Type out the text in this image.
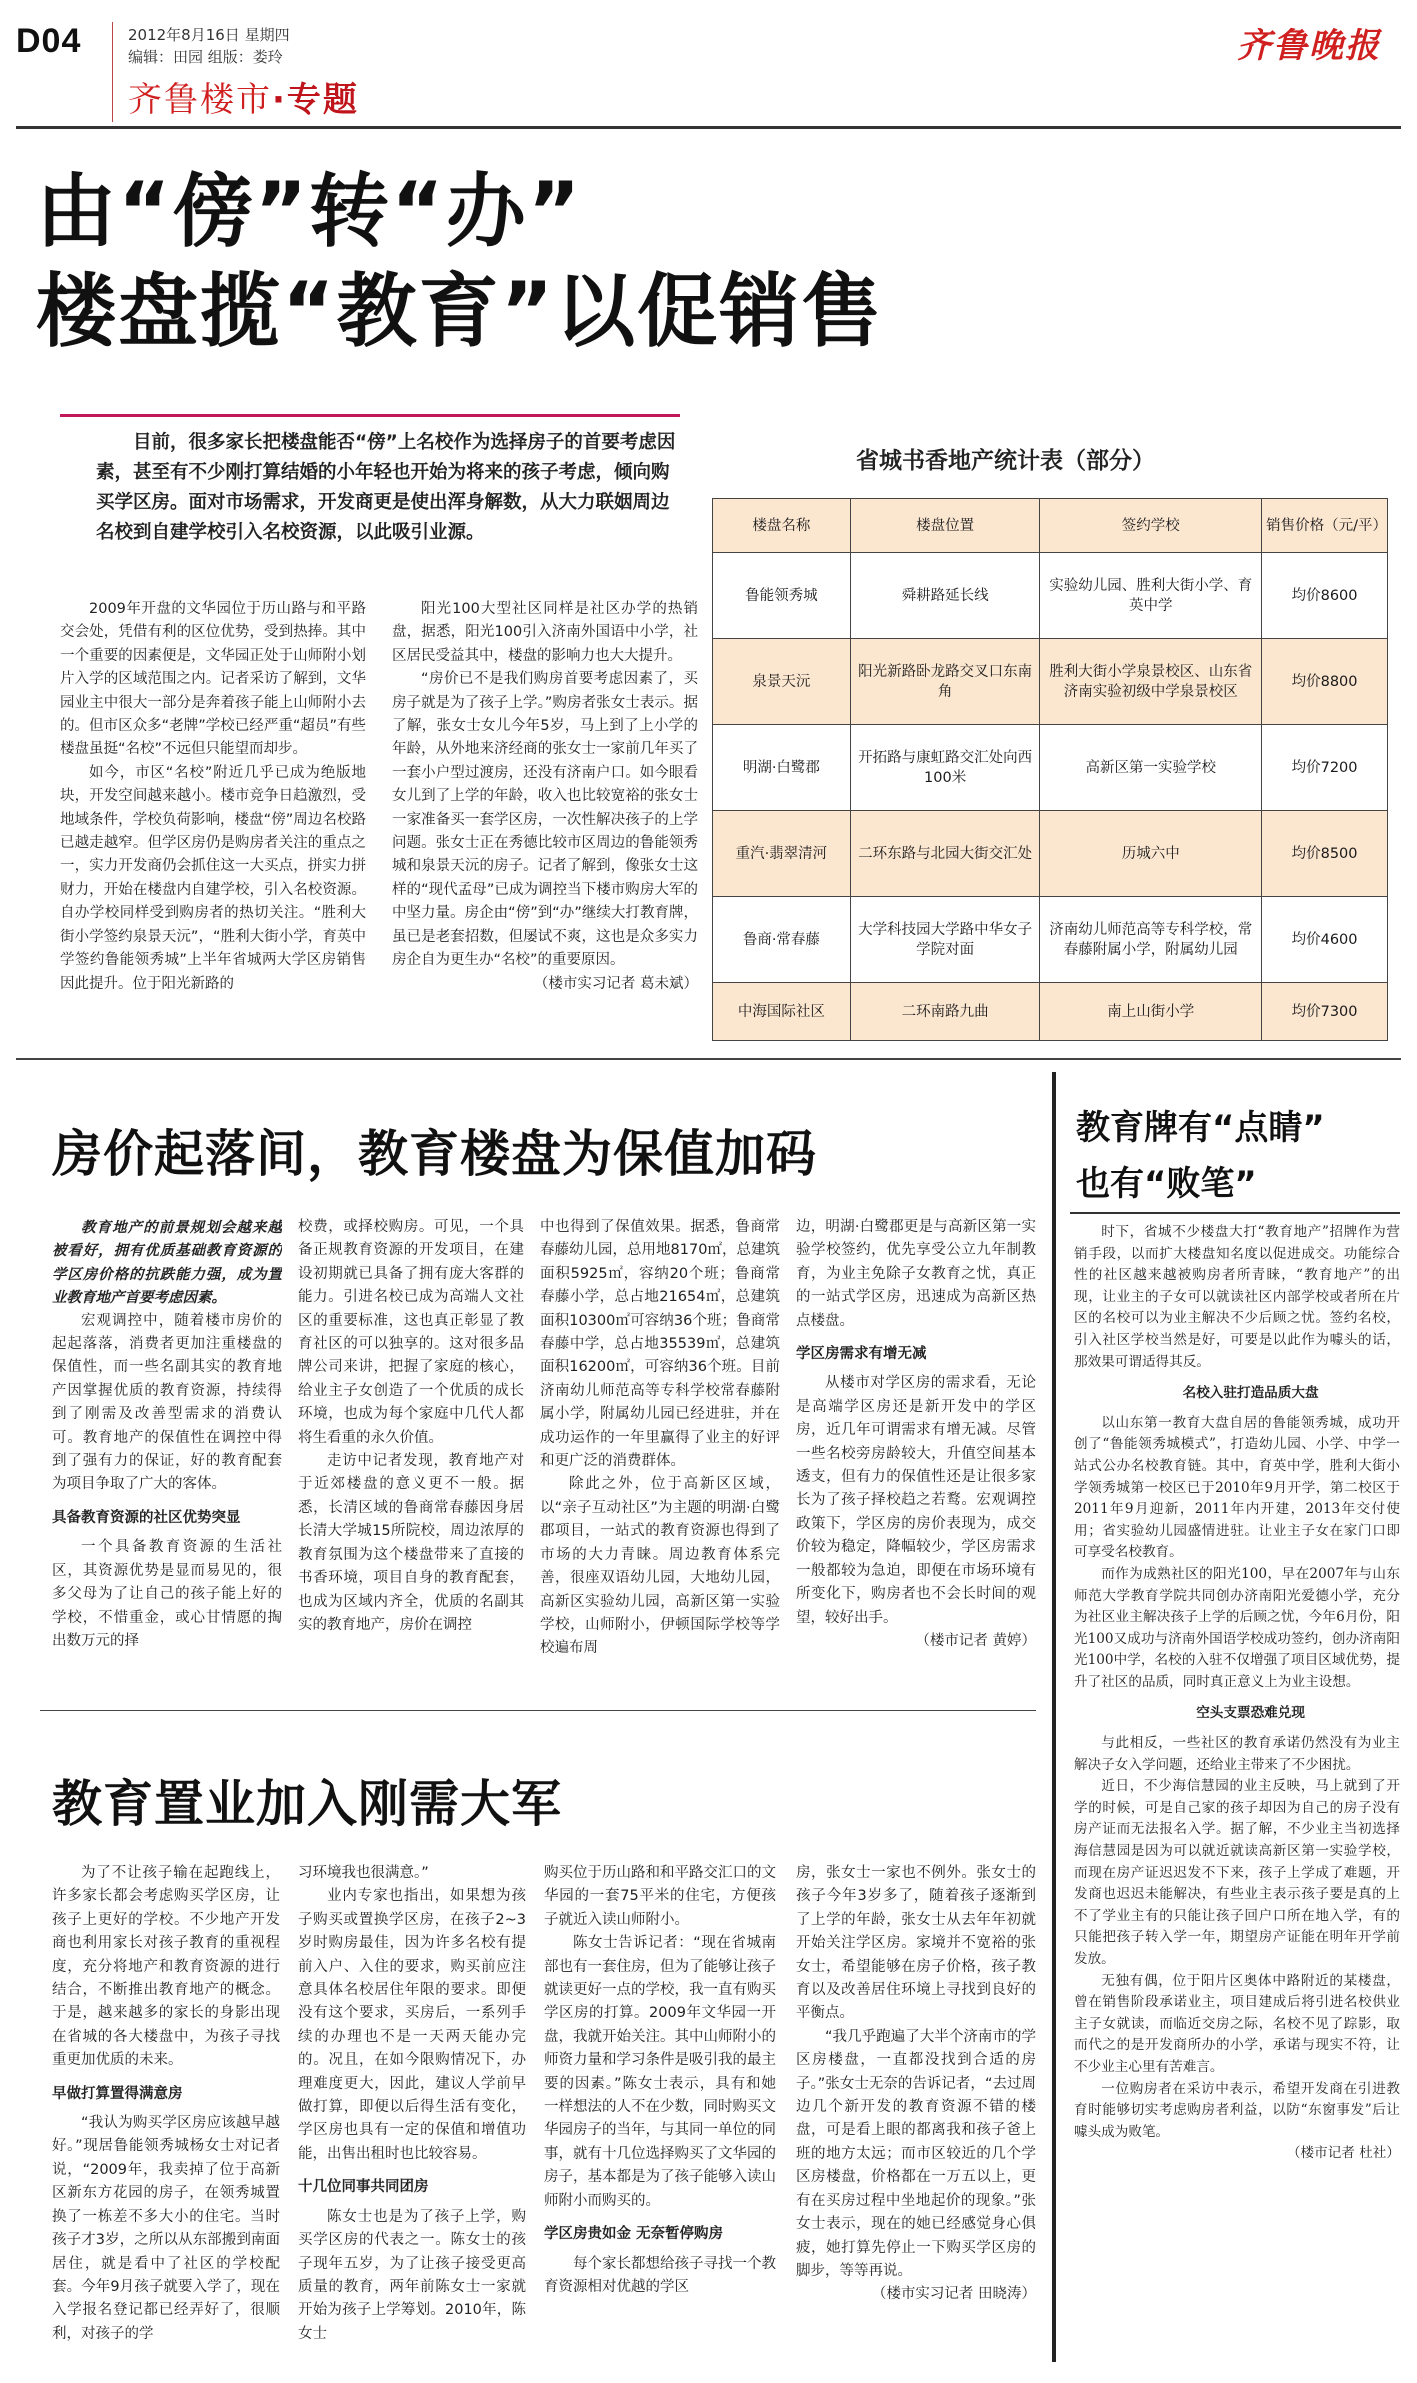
D04	2012年8月16日 星期四
编辑：田园 组版：娄玲
齐鲁楼市·专题
齐鲁晚报
由“傍”转“办”
楼盘揽“教育”以促销售

目前，很多家长把楼盘能否“傍”上名校作为选择房子的首要考虑因素，甚至有不少刚打算结婚的小年轻也开始为将来的孩子考虑，倾向购买学区房。面对市场需求，开发商更是使出浑身解数，从大力联姻周边名校到自建学校引入名校资源，以此吸引业源。

省城书香地产统计表（部分）
楼盘名称	楼盘位置	签约学校	销售价格（元/平）
鲁能领秀城	舜耕路延长线	实验幼儿园、胜利大街小学、育英中学	均价8600
泉景天沅	阳光新路卧龙路交叉口东南角	胜利大街小学泉景校区、山东省济南实验初级中学泉景校区	均价8800
明湖·白鹭郡	开拓路与康虹路交汇处向西100米	高新区第一实验学校	均价7200
重汽·翡翠清河	二环东路与北园大街交汇处	历城六中	均价8500
鲁商·常春藤	大学科技园大学路中华女子学院对面	济南幼儿师范高等专科学校，常春藤附属小学，附属幼儿园	均价4600
中海国际社区	二环南路九曲	南上山街小学	均价7300

2009年开盘的文华园位于历山路与和平路交会处，凭借有利的区位优势，受到热捧。其中一个重要的因素便是，文华园正处于山师附小划片入学的区域范围之内。记者采访了解到，文华园业主中很大一部分是奔着孩子能上山师附小去的。但市区众多“老牌”学校已经严重“超员”有些楼盘虽挺“名校”不远但只能望而却步。

如今，市区“名校”附近几乎已成为绝版地块，开发空间越来越小。楼市竞争日趋激烈，受地域条件，学校负荷影响，楼盘“傍”周边名校路已越走越窄。但学区房仍是购房者关注的重点之一，实力开发商仍会抓住这一大买点，拼实力拼财力，开始在楼盘内自建学校，引入名校资源。自办学校同样受到购房者的热切关注。“胜利大街小学签约泉景天沅”，“胜利大街小学，育英中学签约鲁能领秀城”上半年省城两大学区房销售因此提升。位于阳光新路的

阳光100大型社区同样是社区办学的热销盘，据悉，阳光100引入济南外国语中小学，社区居民受益其中，楼盘的影响力也大大提升。

“房价已不是我们购房首要考虑因素了，买房子就是为了孩子上学。”购房者张女士表示。据了解，张女士女儿今年5岁，马上到了上小学的年龄，从外地来济经商的张女士一家前几年买了一套小户型过渡房，还没有济南户口。如今眼看女儿到了上学的年龄，收入也比较宽裕的张女士一家准备买一套学区房，一次性解决孩子的上学问题。张女士正在秀德比较市区周边的鲁能领秀城和泉景天沅的房子。记者了解到，像张女士这样的“现代孟母”已成为调控当下楼市购房大军的中坚力量。房企由“傍”到“办”继续大打教育牌，虽已是老套招数，但屡试不爽，这也是众多实力房企自为更生办“名校”的重要原因。

（楼市实习记者 葛未斌）

房价起落间，教育楼盘为保值加码

教育地产的前景规划会越来越被看好，拥有优质基础教育资源的学区房价格的抗跌能力强，成为置业教育地产首要考虑因素。

宏观调控中，随着楼市房价的起起落落，消费者更加注重楼盘的保值性，而一些名副其实的教育地产因掌握优质的教育资源，持续得到了刚需及改善型需求的消费认可。教育地产的保值性在调控中得到了强有力的保证，好的教育配套为项目争取了广大的客体。

具备教育资源的社区优势突显

一个具备教育资源的生活社区，其资源优势是显而易见的，很多父母为了让自己的孩子能上好的学校，不惜重金，或心甘情愿的掏出数万元的择

校费，或择校购房。可见，一个具备正规教育资源的开发项目，在建设初期就已具备了拥有庞大客群的能力。引进名校已成为高端人文社区的重要标准，这也真正彰显了教育社区的可以独享的。这对很多品牌公司来讲，把握了家庭的核心，给业主子女创造了一个优质的成长环境，也成为每个家庭中几代人都将生看重的永久价值。

走访中记者发现，教育地产对于近郊楼盘的意义更不一般。据悉，长清区域的鲁商常春藤因身居长清大学城15所院校，周边浓厚的教育氛围为这个楼盘带来了直接的书香环境，项目自身的教育配套，也成为区域内齐全，优质的名副其实的教育地产，房价在调控

中也得到了保值效果。据悉，鲁商常春藤幼儿园，总用地8170㎡，总建筑面积5925㎡，容纳20个班；鲁商常春藤小学，总占地21654㎡，总建筑面积10300㎡可容纳36个班；鲁商常春藤中学，总占地35539㎡，总建筑面积16200㎡，可容纳36个班。目前济南幼儿师范高等专科学校常春藤附属小学，附属幼儿园已经进驻，并在成功运作的一年里赢得了业主的好评和更广泛的消费群体。

除此之外，位于高新区区域，以“亲子互动社区”为主题的明湖·白鹭郡项目，一站式的教育资源也得到了市场的大力青睐。周边教育体系完善，很座双语幼儿园，大地幼儿园，高新区实验幼儿园，高新区第一实验学校，山师附小，伊顿国际学校等学校遍布周

边，明湖·白鹭郡更是与高新区第一实验学校签约，优先享受公立九年制教育，为业主免除子女教育之忧，真正的一站式学区房，迅速成为高新区热点楼盘。

学区房需求有增无减

从楼市对学区房的需求看，无论是高端学区房还是新开发中的学区房，近几年可谓需求有增无减。尽管一些名校旁房龄较大，升值空间基本透支，但有力的保值性还是让很多家长为了孩子择校趋之若鹜。宏观调控政策下，学区房的房价表现为，成交价较为稳定，降幅较少，学区房需求一般都较为急迫，即便在市场环境有所变化下，购房者也不会长时间的观望，较好出手。

（楼市记者 黄婷）

教育置业加入刚需大军

为了不让孩子输在起跑线上，许多家长都会考虑购买学区房，让孩子上更好的学校。不少地产开发商也利用家长对孩子教育的重视程度，充分将地产和教育资源的进行结合，不断推出教育地产的概念。于是，越来越多的家长的身影出现在省城的各大楼盘中，为孩子寻找重更加优质的未来。

早做打算置得满意房

“我认为购买学区房应该越早越好。”现居鲁能领秀城杨女士对记者说，“2009年，我卖掉了位于高新区新东方花园的房子，在领秀城置换了一栋差不多大小的住宅。当时孩子才3岁，之所以从东部搬到南面居住，就是看中了社区的学校配套。今年9月孩子就要入学了，现在入学报名登记都已经弄好了，很顺利，对孩子的学

习环境我也很满意。”

业内专家也指出，如果想为孩子购买或置换学区房，在孩子2~3岁时购房最佳，因为许多名校有提前入户、入住的要求，购买前应注意具体名校居住年限的要求。即便没有这个要求，买房后，一系列手续的办理也不是一天两天能办完的。况且，在如今限购情况下，办理难度更大，因此，建议人学前早做打算，即便以后得生活有变化，学区房也具有一定的保值和增值功能，出售出租时也比较容易。

十几位同事共同团房

陈女士也是为了孩子上学，购买学区房的代表之一。陈女士的孩子现年五岁，为了让孩子接受更高质量的教育，两年前陈女士一家就开始为孩子上学筹划。2010年，陈女士

购买位于历山路和和平路交汇口的文华园的一套75平米的住宅，方便孩子就近入读山师附小。

陈女士告诉记者：“现在省城南部也有一套住房，但为了能够让孩子就读更好一点的学校，我一直有购买学区房的打算。2009年文华园一开盘，我就开始关注。其中山师附小的师资力量和学习条件是吸引我的最主要的因素。”陈女士表示，具有和她一样想法的人不在少数，同时购买文华园房子的当年，与其同一单位的同事，就有十几位选择购买了文华园的房子，基本都是为了孩子能够入读山师附小而购买的。

学区房贵如金 无奈暂停购房

每个家长都想给孩子寻找一个教育资源相对优越的学区

房，张女士一家也不例外。张女士的孩子今年3岁多了，随着孩子逐渐到了上学的年龄，张女士从去年年初就开始关注学区房。家境并不宽裕的张女士，希望能够在房子价格，孩子教育以及改善居住环境上寻找到良好的平衡点。

“我几乎跑遍了大半个济南市的学区房楼盘，一直都没找到合适的房子。”张女士无奈的告诉记者，“去过周边几个新开发的教育资源不错的楼盘，可是看上眼的都离我和孩子爸上班的地方太远；而市区较近的几个学区房楼盘，价格都在一万五以上，更有在买房过程中坐地起价的现象。”张女士表示，现在的她已经感觉身心俱疲，她打算先停止一下购买学区房的脚步，等等再说。

（楼市实习记者 田晓涛）

教育牌有“点睛”
也有“败笔”

时下，省城不少楼盘大打“教育地产”招牌作为营销手段，以而扩大楼盘知名度以促进成交。功能综合性的社区越来越被购房者所青睐，“教育地产”的出现，让业主的子女可以就读社区内部学校或者所在片区的名校可以为业主解决不少后顾之忧。签约名校，引入社区学校当然是好，可要是以此作为噱头的话，那效果可谓适得其反。

名校入驻打造品质大盘

以山东第一教育大盘自居的鲁能领秀城，成功开创了“鲁能领秀城模式”，打造幼儿园、小学、中学一站式公办名校教育链。其中，育英中学，胜利大街小学领秀城第一校区已于2010年9月开学，第二校区于2011年9月迎新，2011年内开建，2013年交付使用；省实验幼儿园盛情进驻。让业主子女在家门口即可享受名校教育。

而作为成熟社区的阳光100，早在2007年与山东师范大学教育学院共同创办济南阳光爱德小学，充分为社区业主解决孩子上学的后顾之忧，今年6月份，阳光100又成功与济南外国语学校成功签约，创办济南阳光100中学，名校的入驻不仅增强了项目区域优势，提升了社区的品质，同时真正意义上为业主设想。

空头支票恐难兑现

与此相反，一些社区的教育承诺仍然没有为业主解决子女入学问题，还给业主带来了不少困扰。

近日，不少海信慧园的业主反映，马上就到了开学的时候，可是自己家的孩子却因为自己的房子没有房产证而无法报名入学。据了解，不少业主当初选择海信慧园是因为可以就近就读高新区第一实验学校，而现在房产证迟迟发不下来，孩子上学成了难题，开发商也迟迟未能解决，有些业主表示孩子要是真的上不了学业主有的只能让孩子回户口所在地入学，有的只能把孩子转入学一年，期望房产证能在明年开学前发放。

无独有偶，位于阳片区奥体中路附近的某楼盘，曾在销售阶段承诺业主，项目建成后将引进名校供业主子女就读，而临近交房之际，名校不见了踪影，取而代之的是开发商所办的小学，承诺与现实不符，让不少业主心里有苦难言。

一位购房者在采访中表示，希望开发商在引进教育时能够切实考虑购房者利益，以防“东窗事发”后让噱头成为败笔。

（楼市记者 杜社）
